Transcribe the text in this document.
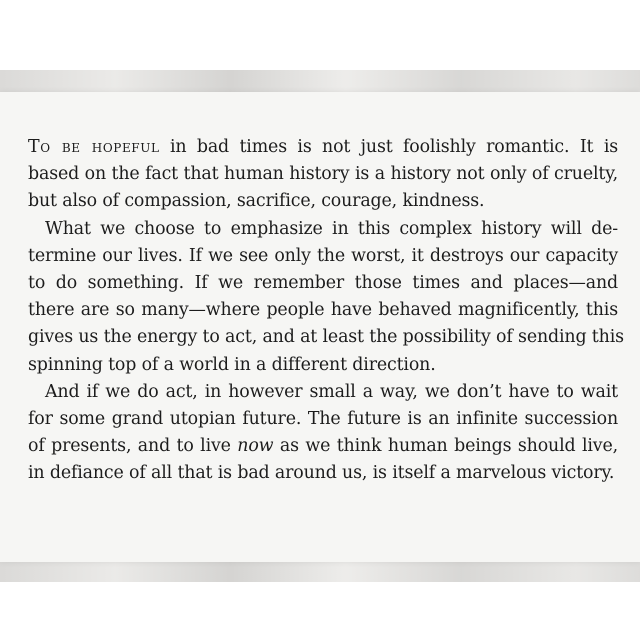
To be hopeful in bad times is not just foolishly romantic. It is
based on the fact that human history is a history not only of cruelty,
but also of compassion, sacrifice, courage, kindness.
What we choose to emphasize in this complex history will de-
termine our lives. If we see only the worst, it destroys our capacity
to do something. If we remember those times and places—and
there are so many—where people have behaved magnificently, this
gives us the energy to act, and at least the possibility of sending this
spinning top of a world in a different direction.
And if we do act, in however small a way, we don’t have to wait
for some grand utopian future. The future is an infinite succession
of presents, and to live now as we think human beings should live,
in defiance of all that is bad around us, is itself a marvelous victory.
